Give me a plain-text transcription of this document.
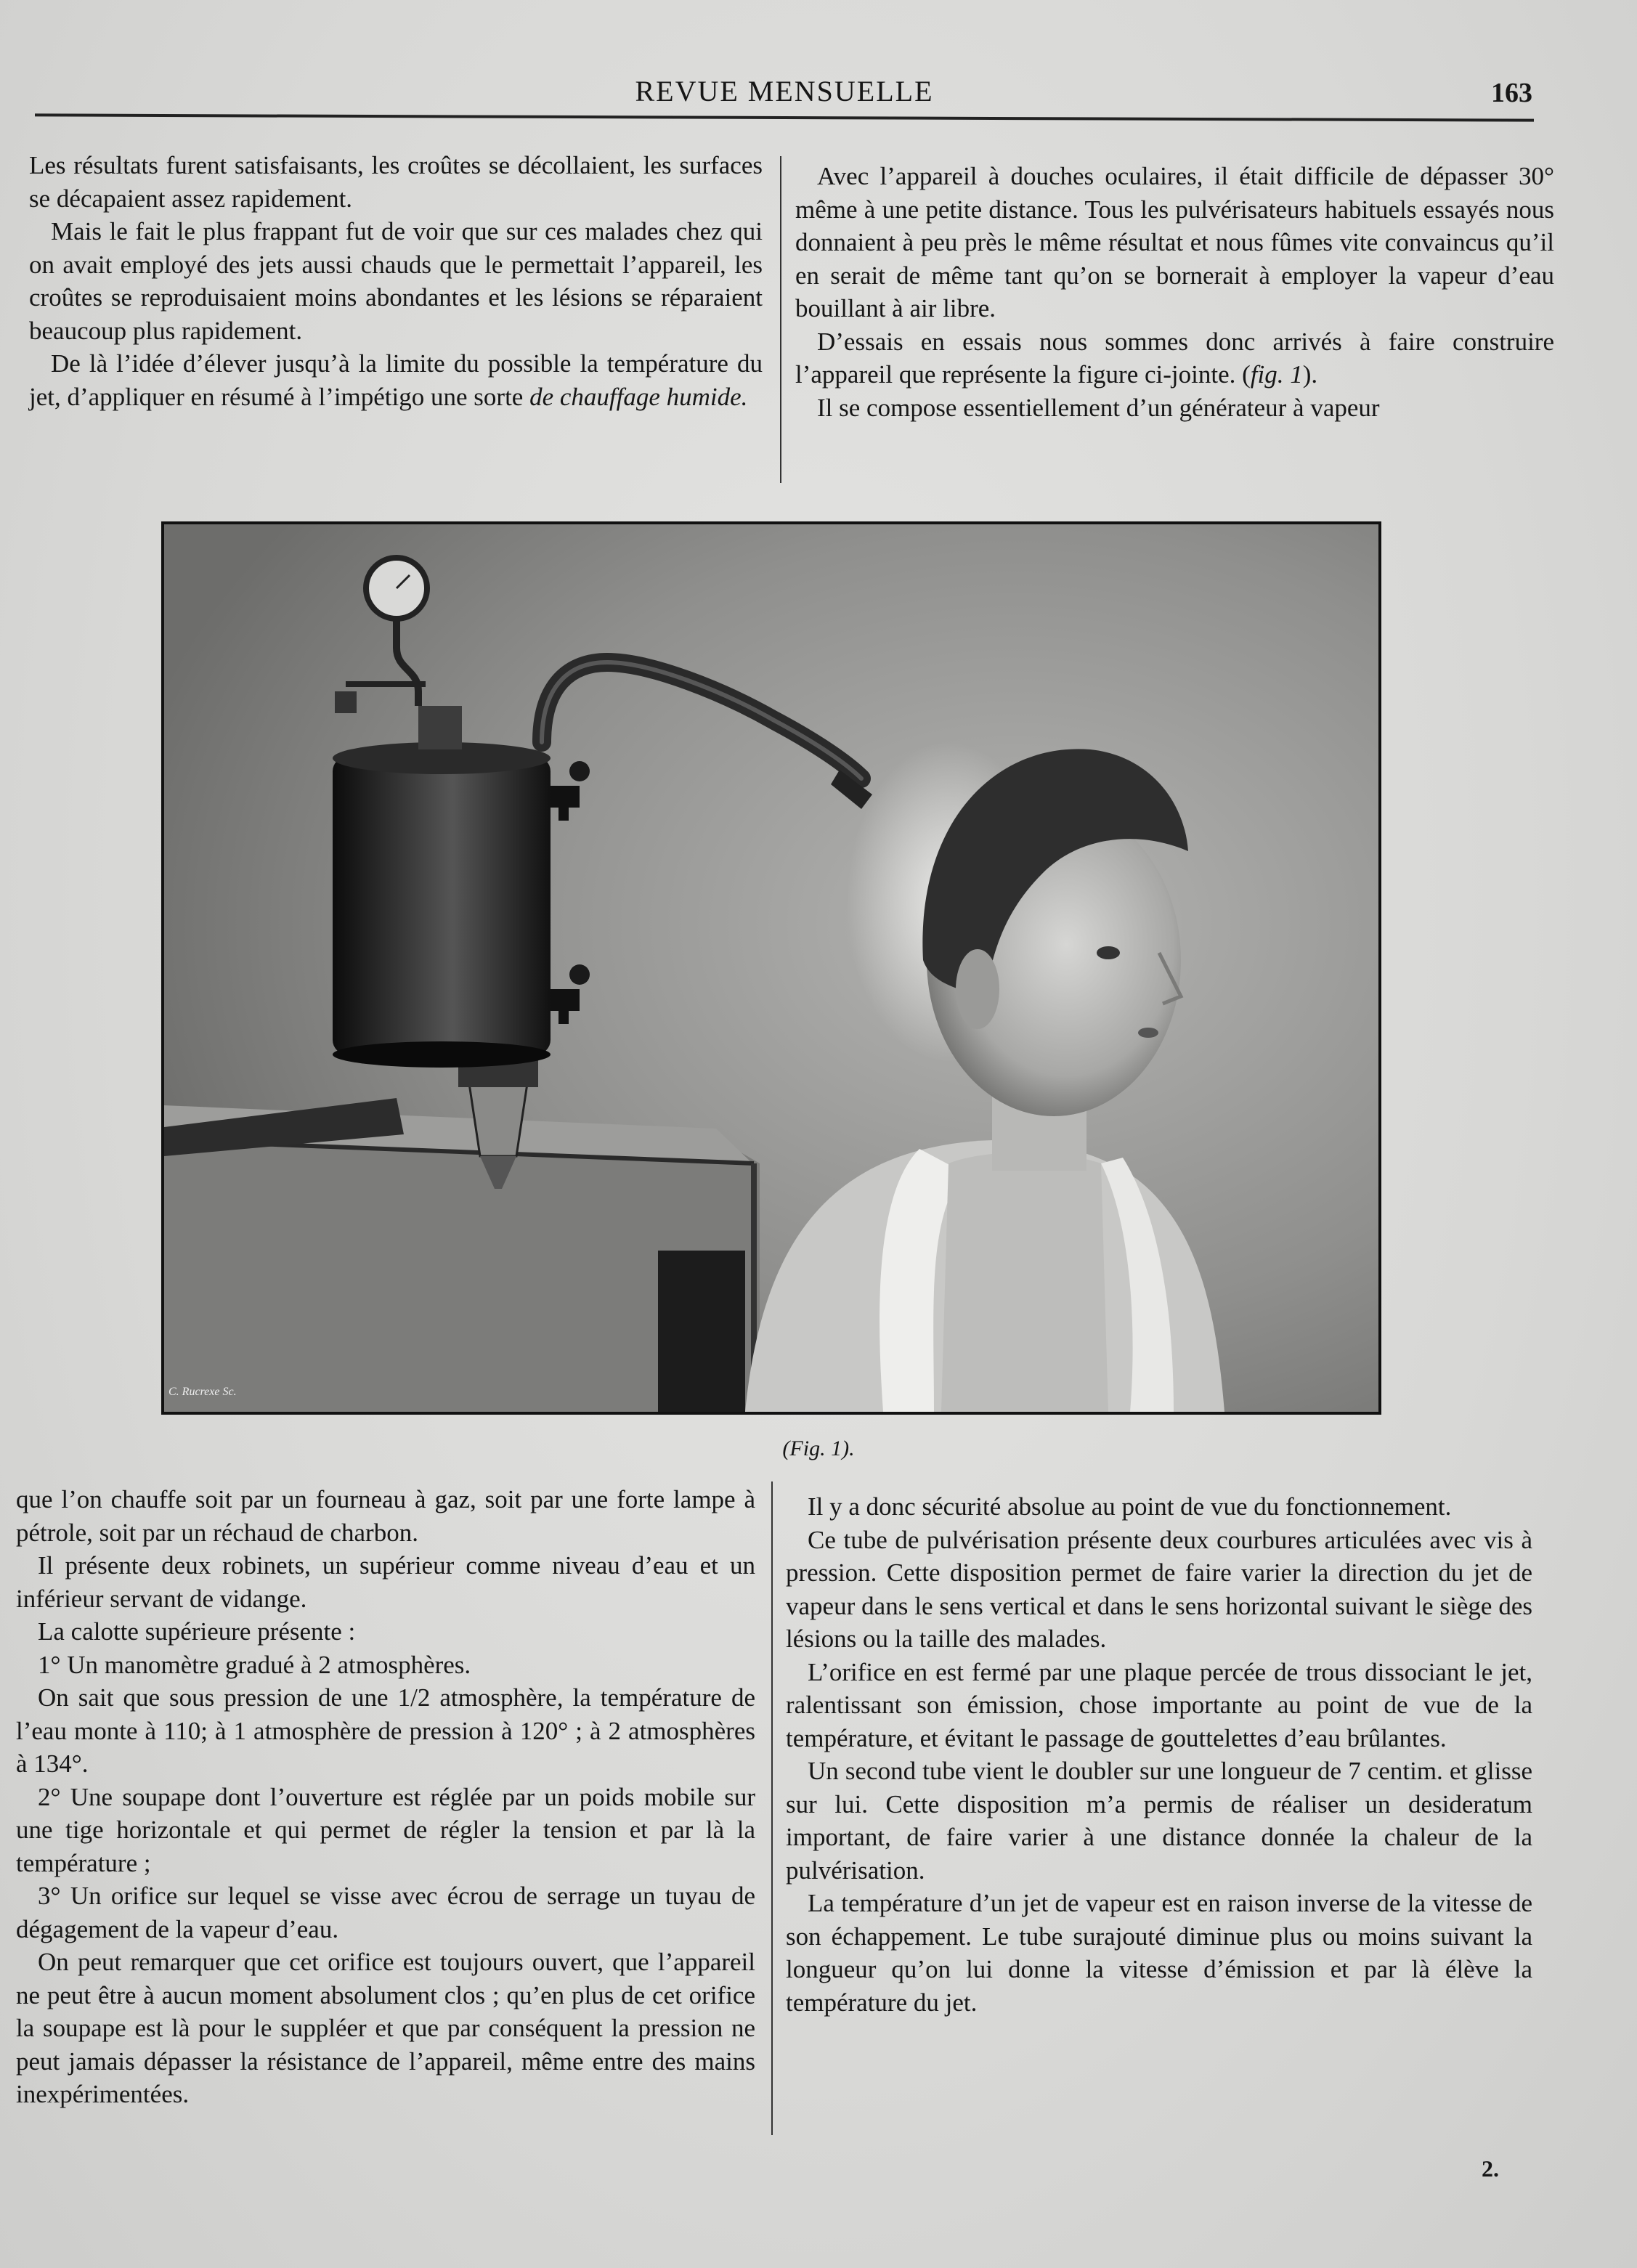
REVUE MENSUELLE	163

Les résultats furent satisfaisants, les croûtes se décollaient, les surfaces se décapaient assez rapidement.

Mais le fait le plus frappant fut de voir que sur ces malades chez qui on avait employé des jets aussi chauds que le permettait l’appareil, les croûtes se reproduisaient moins abondantes et les lésions se réparaient beaucoup plus rapidement.

De là l’idée d’élever jusqu’à la limite du possible la température du jet, d’appliquer en résumé à l’impétigo une sorte de chauffage humide.

Avec l’appareil à douches oculaires, il était difficile de dépasser 30° même à une petite distance. Tous les pulvérisateurs habituels essayés nous donnaient à peu près le même résultat et nous fûmes vite convaincus qu’il en serait de même tant qu’on se bornerait à employer la vapeur d’eau bouillant à air libre.

D’essais en essais nous sommes donc arrivés à faire construire l’appareil que représente la figure ci-jointe. (fig. 1).

Il se compose essentiellement d’un générateur à vapeur

C. Rucrexe Sc.
(Fig. 1).

que l’on chauffe soit par un fourneau à gaz, soit par une forte lampe à pétrole, soit par un réchaud de charbon.

Il présente deux robinets, un supérieur comme niveau d’eau et un inférieur servant de vidange.

La calotte supérieure présente :

1° Un manomètre gradué à 2 atmosphères.

On sait que sous pression de une 1/2 atmosphère, la température de l’eau monte à 110; à 1 atmosphère de pression à 120° ; à 2 atmosphères à 134°.

2° Une soupape dont l’ouverture est réglée par un poids mobile sur une tige horizontale et qui permet de régler la tension et par là la température ;

3° Un orifice sur lequel se visse avec écrou de serrage un tuyau de dégagement de la vapeur d’eau.

On peut remarquer que cet orifice est toujours ouvert, que l’appareil ne peut être à aucun moment absolument clos ; qu’en plus de cet orifice la soupape est là pour le suppléer et que par conséquent la pression ne peut jamais dépasser la résistance de l’appareil, même entre des mains inexpérimentées.

Il y a donc sécurité absolue au point de vue du fonctionnement.

Ce tube de pulvérisation présente deux courbures articulées avec vis à pression. Cette disposition permet de faire varier la direction du jet de vapeur dans le sens vertical et dans le sens horizontal suivant le siège des lésions ou la taille des malades.

L’orifice en est fermé par une plaque percée de trous dissociant le jet, ralentissant son émission, chose importante au point de vue de la température, et évitant le passage de gouttelettes d’eau brûlantes.

Un second tube vient le doubler sur une longueur de 7 centim. et glisse sur lui. Cette disposition m’a permis de réaliser un desideratum important, de faire varier à une distance donnée la chaleur de la pulvérisation.

La température d’un jet de vapeur est en raison inverse de la vitesse de son échappement. Le tube surajouté diminue plus ou moins suivant la longueur qu’on lui donne la vitesse d’émission et par là élève la température du jet.

2.
